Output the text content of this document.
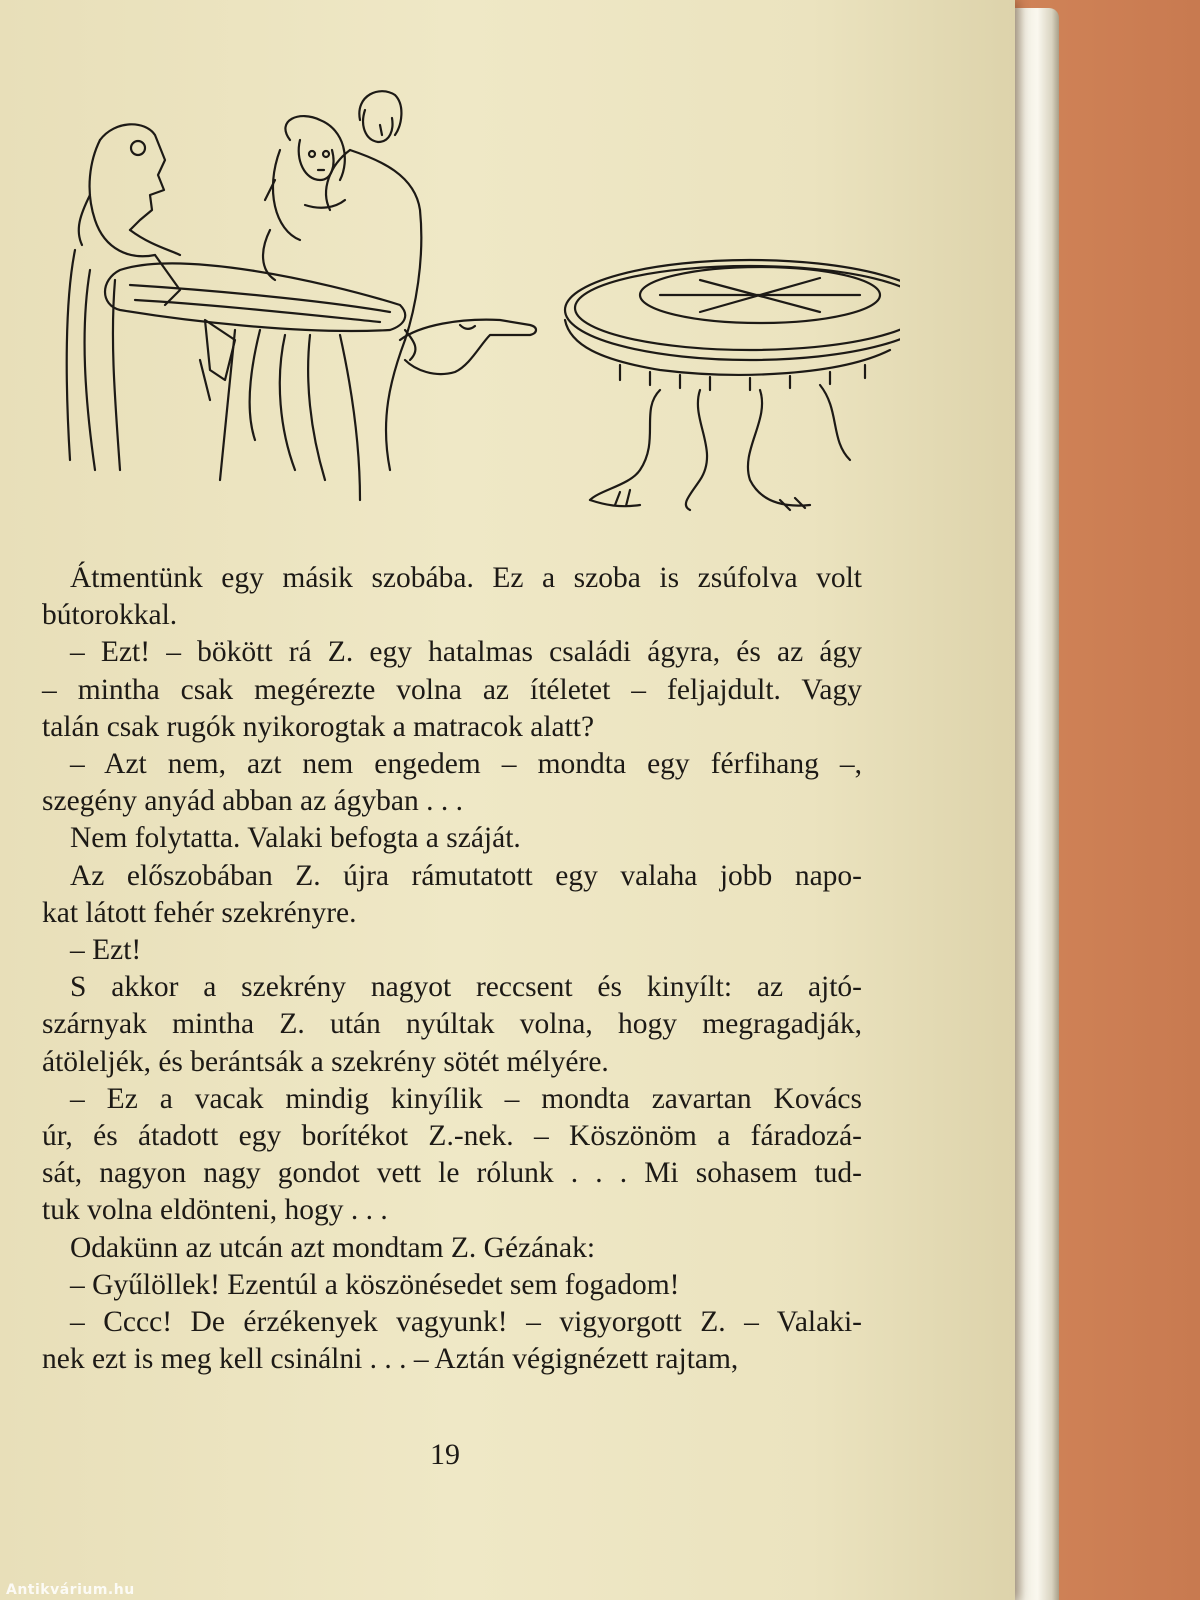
Átmentünk egy másik szobába. Ez a szoba is zsúfolva volt
bútorokkal.
– Ezt! – bökött rá Z. egy hatalmas családi ágyra, és az ágy
– mintha csak megérezte volna az ítéletet – feljajdult. Vagy
talán csak rugók nyikorogtak a matracok alatt?
– Azt nem, azt nem engedem – mondta egy férfihang –,
szegény anyád abban az ágyban . . .
Nem folytatta. Valaki befogta a száját.
Az előszobában Z. újra rámutatott egy valaha jobb napo-
kat látott fehér szekrényre.
– Ezt!
S akkor a szekrény nagyot reccsent és kinyílt: az ajtó-
szárnyak mintha Z. után nyúltak volna, hogy megragadják,
átöleljék, és berántsák a szekrény sötét mélyére.
– Ez a vacak mindig kinyílik – mondta zavartan Kovács
úr, és átadott egy borítékot Z.-nek. – Köszönöm a fáradozá-
sát, nagyon nagy gondot vett le rólunk . . . Mi sohasem tud-
tuk volna eldönteni, hogy . . .
Odakünn az utcán azt mondtam Z. Gézának:
– Gyűlöllek! Ezentúl a köszönésedet sem fogadom!
– Cccc! De érzékenyek vagyunk! – vigyorgott Z. – Valaki-
nek ezt is meg kell csinálni . . . – Aztán végignézett rajtam,
19
Antikvárium.hu
